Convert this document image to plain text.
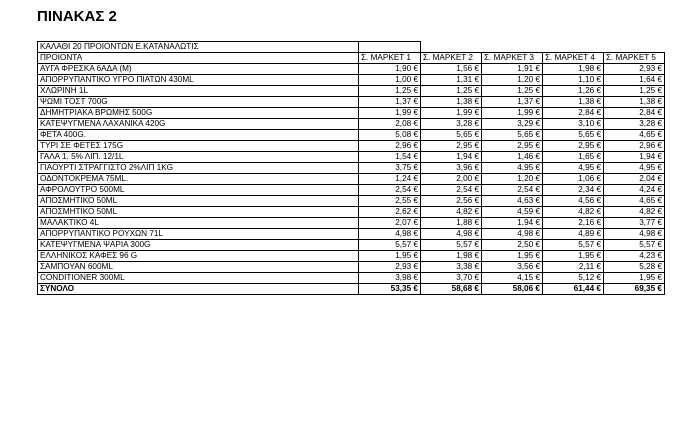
ΠΙΝΑΚΑΣ 2
ΚΑΛΑΘΙ 20 ΠΡΟΙΟΝΤΩΝ Ε.ΚΑΤΑΝΑΛΩΤΙΣ					
ΠΡΟΙΟΝΤΑ	Σ. ΜΑΡΚΕΤ 1	Σ. ΜΑΡΚΕΤ 2	Σ. ΜΑΡΚΕΤ 3	Σ. ΜΑΡΚΕΤ 4	Σ. ΜΑΡΚΕΤ 5
ΑΥΓΑ ΦΡΕΣΚΑ 6ΑΔΑ (Μ)	1,90 €	1,56 €	1,91 €	1,98 €	2,93 €
ΑΠΟΡΡΥΠΑΝΤΙΚΟ ΥΓΡΟ ΠΙΑΤΩΝ 430ML	1,00 €	1,31 €	1,20 €	1,10 €	1,64 €
ΧΛΩΡΙΝΗ 1L	1,25 €	1,25 €	1,25 €	1,26 €	1,25 €
ΨΩΜΙ ΤΟΣΤ 700G	1,37 €	1,38 €	1,37 €	1,38 €	1,38 €
ΔΗΜΗΤΡΙΑΚΑ ΒΡΩΜΗΣ 500G	1,99 €	1,99 €	1,99 €	2,84 €	2,84 €
ΚΑΤΕΨΥΓΜΕΝΑ ΛΑΧΑΝΙΚΑ 420G	2,08 €	3,28 €	3,29 €	3,10 €	3,28 €
ΦΕΤΑ 400G.	5,08 €	5,65 €	5,65 €	5,65 €	4,65 €
ΤΥΡΙ ΣΕ ΦΕΤΕΣ 175G	2,96 €	2,95 €	2,95 €	2,95 €	2,96 €
ΓΑΛΑ 1. 5% ΛΙΠ. 12/1L	1,54 €	1,94 €	1,46 €	1,65 €	1,94 €
ΓΙΑΟΥΡΤΙ ΣΤΡΑΓΓΙΣΤΟ 2%ΛΙΠ 1KG	3,75 €	3,96 €	4,95 €	4,95 €	4,95 €
ΟΔΟΝΤΟΚΡΕΜΑ 75ML.	1,24 €	2,00 €	1,20 €	1,06 €	2,04 €
ΑΦΡΟΛΟΥΤΡΟ 500ML	2,54 €	2,54 €	2,54 €	2,34 €	4,24 €
ΑΠΟΣΜΗΤΙΚΟ 50ML	2,55 €	2,56 €	4,63 €	4,56 €	4,65 €
ΑΠΟΣΜΗΤΙΚΟ 50ML	2,62 €	4,82 €	4,59 €	4,82 €	4,82 €
ΜΑΛΑΚΤΙΚΟ 4L	2,07 €	1,88 €	1,94 €	2,16 €	3,77 €
ΑΠΟΡΡΥΠΑΝΤΙΚΟ ΡΟΥΧΩΝ 71L	4,98 €	4,98 €	4,98 €	4,89 €	4,98 €
ΚΑΤΕΨΥΓΜΕΝΑ ΨΑΡΙΑ 300G	5,57 €	5,57 €	2,50 €	5,57 €	5,57 €
ΕΛΛΗΝΙΚΟΣ ΚΑΦΕΣ 96 G	1,95 €	1,98 €	1,95 €	1,95 €	4,23 €
ΣΑΜΠΟΥΑΝ 600ML	2,93 €	3,38 €	3,56 €	2,11 €	5,28 €
CONDITIONER 300ML	3,98 €	3,70 €	4,15 €	5,12 €	1,95 €
ΣΥΝΟΛΟ	53,35 €	58,68 €	58,06 €	61,44 €	69,35 €
